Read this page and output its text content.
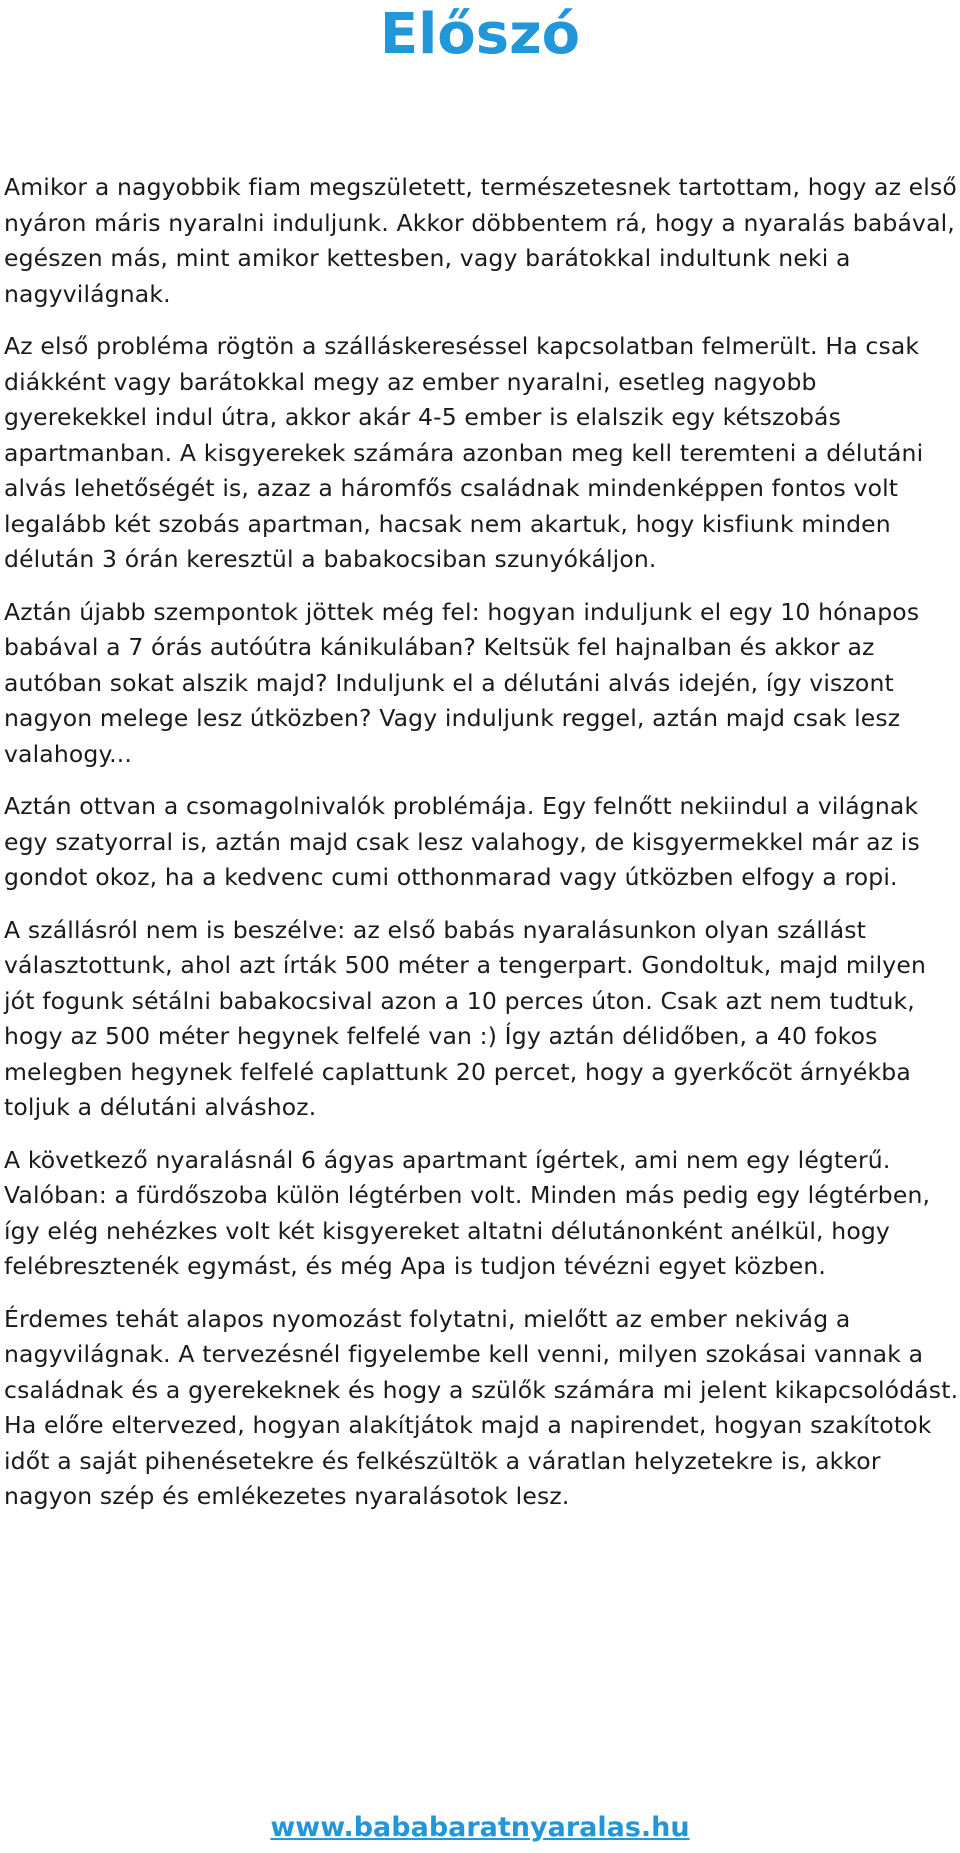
Előszó

Amikor a nagyobbik fiam megszületett, természetesnek tartottam, hogy az első nyáron máris nyaralni induljunk. Akkor döbbentem rá, hogy a nyaralás babával, egészen más, mint amikor kettesben, vagy barátokkal indultunk neki a nagyvilágnak.

Az első probléma rögtön a szálláskereséssel kapcsolatban felmerült. Ha csak diákként vagy barátokkal megy az ember nyaralni, esetleg nagyobb gyerekekkel indul útra, akkor akár 4-5 ember is elalszik egy kétszobás apartmanban. A kisgyerekek számára azonban meg kell teremteni a délutáni alvás lehetőségét is, azaz a háromfős családnak mindenképpen fontos volt legalább két szobás apartman, hacsak nem akartuk, hogy kisfiunk minden délután 3 órán keresztül a babakocsiban szunyókáljon.

Aztán újabb szempontok jöttek még fel: hogyan induljunk el egy 10 hónapos babával a 7 órás autóútra kánikulában? Keltsük fel hajnalban és akkor az autóban sokat alszik majd? Induljunk el a délutáni alvás idején, így viszont nagyon melege lesz útközben? Vagy induljunk reggel, aztán majd csak lesz valahogy...

Aztán ottvan a csomagolnivalók problémája. Egy felnőtt nekiindul a világnak egy szatyorral is, aztán majd csak lesz valahogy, de kisgyermekkel már az is gondot okoz, ha a kedvenc cumi otthonmarad vagy útközben elfogy a ropi.

A szállásról nem is beszélve: az első babás nyaralásunkon olyan szállást választottunk, ahol azt írták 500 méter a tengerpart. Gondoltuk, majd milyen jót fogunk sétálni babakocsival azon a 10 perces úton. Csak azt nem tudtuk, hogy az 500 méter hegynek felfelé van :) Így aztán délidőben, a 40 fokos melegben hegynek felfelé caplattunk 20 percet, hogy a gyerkőcöt árnyékba toljuk a délutáni alváshoz.

A következő nyaralásnál 6 ágyas apartmant ígértek, ami nem egy légterű. Valóban: a fürdőszoba külön légtérben volt. Minden más pedig egy légtérben, így elég nehézkes volt két kisgyereket altatni délutánonként anélkül, hogy felébresztenék egymást, és még Apa is tudjon tévézni egyet közben.

Érdemes tehát alapos nyomozást folytatni, mielőtt az ember nekivág a nagyvilágnak. A tervezésnél figyelembe kell venni, milyen szokásai vannak a családnak és a gyerekeknek és hogy a szülők számára mi jelent kikapcsolódást. Ha előre eltervezed, hogyan alakítjátok majd a napirendet, hogyan szakítotok időt a saját pihenésetekre és felkészültök a váratlan helyzetekre is, akkor nagyon szép és emlékezetes nyaralásotok lesz.

www.bababaratnyaralas.hu
